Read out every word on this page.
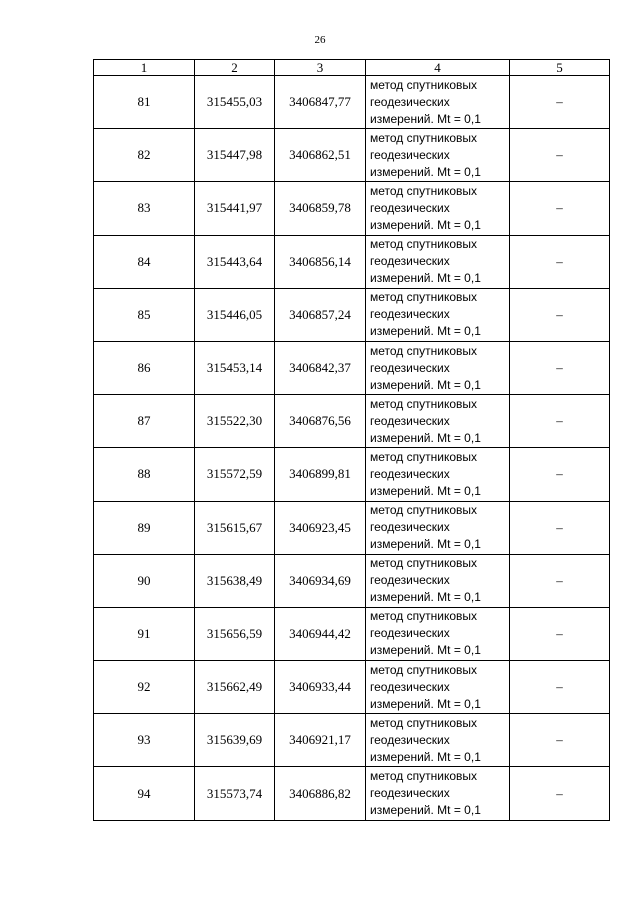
26
1	2	3	4	5
81	315455,03	3406847,77	метод спутниковых
геодезических
измерений. Mt = 0,1	–
82	315447,98	3406862,51	метод спутниковых
геодезических
измерений. Mt = 0,1	–
83	315441,97	3406859,78	метод спутниковых
геодезических
измерений. Mt = 0,1	–
84	315443,64	3406856,14	метод спутниковых
геодезических
измерений. Mt = 0,1	–
85	315446,05	3406857,24	метод спутниковых
геодезических
измерений. Mt = 0,1	–
86	315453,14	3406842,37	метод спутниковых
геодезических
измерений. Mt = 0,1	–
87	315522,30	3406876,56	метод спутниковых
геодезических
измерений. Mt = 0,1	–
88	315572,59	3406899,81	метод спутниковых
геодезических
измерений. Mt = 0,1	–
89	315615,67	3406923,45	метод спутниковых
геодезических
измерений. Mt = 0,1	–
90	315638,49	3406934,69	метод спутниковых
геодезических
измерений. Mt = 0,1	–
91	315656,59	3406944,42	метод спутниковых
геодезических
измерений. Mt = 0,1	–
92	315662,49	3406933,44	метод спутниковых
геодезических
измерений. Mt = 0,1	–
93	315639,69	3406921,17	метод спутниковых
геодезических
измерений. Mt = 0,1	–
94	315573,74	3406886,82	метод спутниковых
геодезических
измерений. Mt = 0,1	–
